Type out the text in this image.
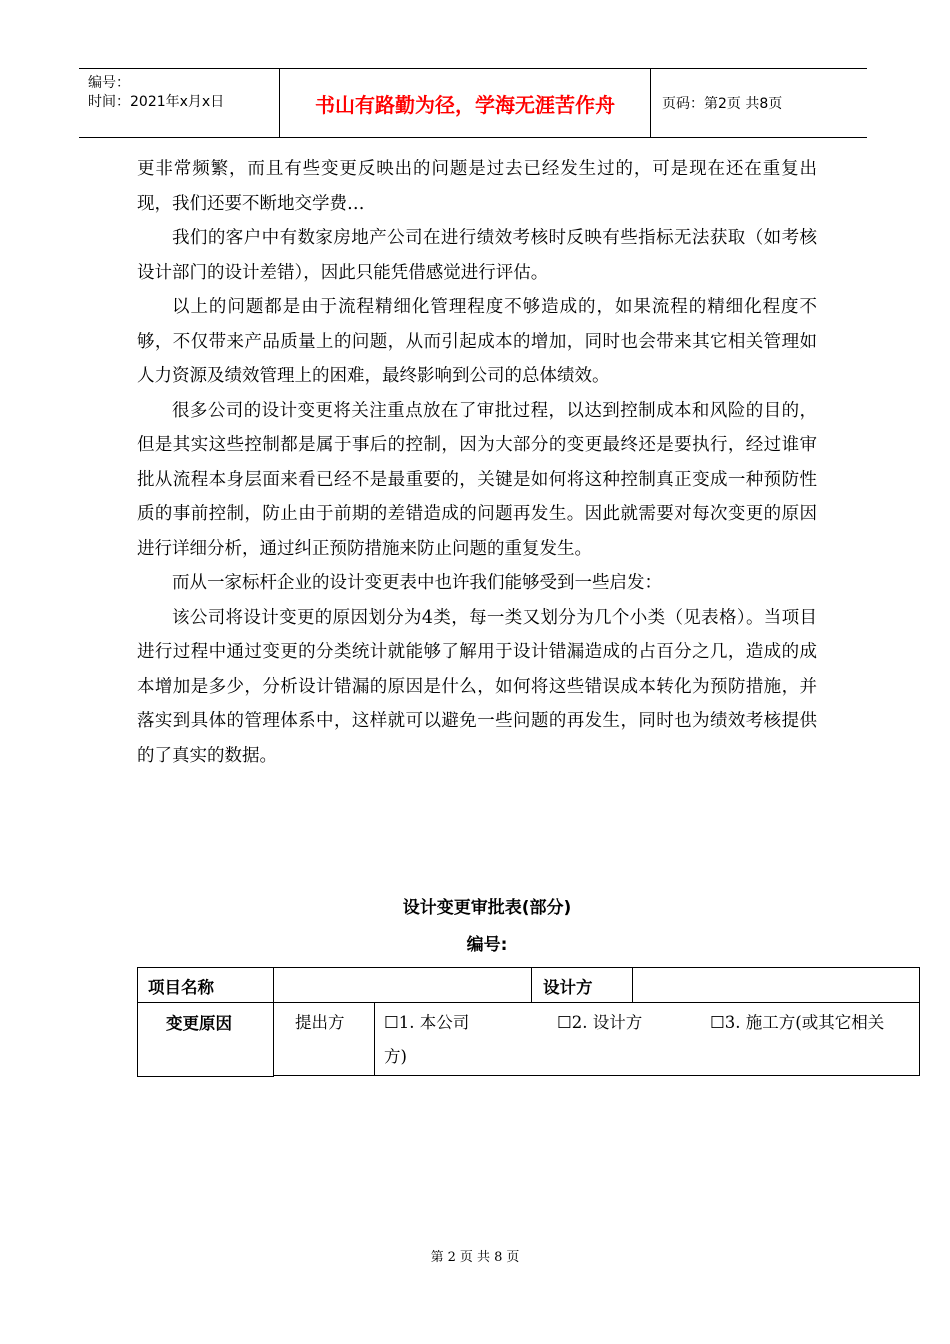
编号：
时间：2021年x月x日	书山有路勤为径，学海无涯苦作舟	页码：第2页 共8页

更非常频繁，而且有些变更反映出的问题是过去已经发生过的，可是现在还在重复出现，我们还要不断地交学费…

我们的客户中有数家房地产公司在进行绩效考核时反映有些指标无法获取（如考核设计部门的设计差错），因此只能凭借感觉进行评估。

以上的问题都是由于流程精细化管理程度不够造成的，如果流程的精细化程度不够，不仅带来产品质量上的问题，从而引起成本的增加，同时也会带来其它相关管理如人力资源及绩效管理上的困难，最终影响到公司的总体绩效。

很多公司的设计变更将关注重点放在了审批过程，以达到控制成本和风险的目的，但是其实这些控制都是属于事后的控制，因为大部分的变更最终还是要执行，经过谁审批从流程本身层面来看已经不是最重要的，关键是如何将这种控制真正变成一种预防性质的事前控制，防止由于前期的差错造成的问题再发生。因此就需要对每次变更的原因进行详细分析，通过纠正预防措施来防止问题的重复发生。

而从一家标杆企业的设计变更表中也许我们能够受到一些启发：

该公司将设计变更的原因划分为4类，每一类又划分为几个小类（见表格）。当项目进行过程中通过变更的分类统计就能够了解用于设计错漏造成的占百分之几，造成的成本增加是多少，分析设计错漏的原因是什么，如何将这些错误成本转化为预防措施，并落实到具体的管理体系中，这样就可以避免一些问题的再发生，同时也为绩效考核提供的了真实的数据。

设计变更审批表(部分)
编号:
项目名称	设计方
变更原因	提出方	☐1. 本公司	☐2. 设计方	☐3. 施工方(或其它相关
方)
第 2 页 共 8 页
